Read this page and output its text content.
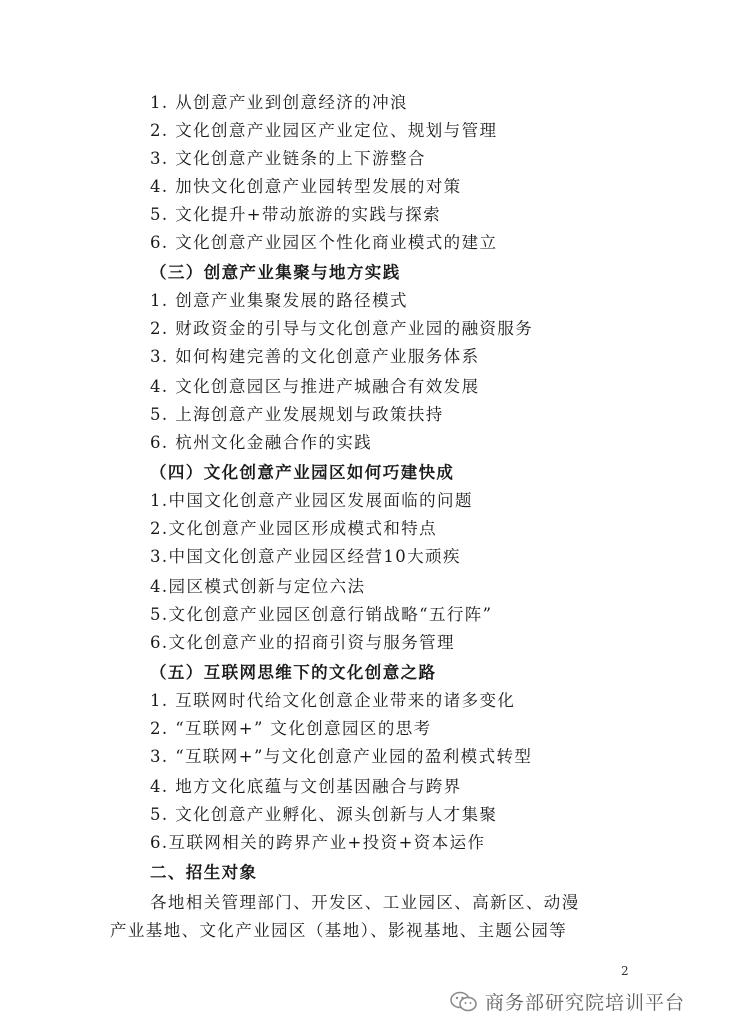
1. 从创意产业到创意经济的冲浪
2. 文化创意产业园区产业定位、规划与管理
3. 文化创意产业链条的上下游整合
4. 加快文化创意产业园转型发展的对策
5. 文化提升+带动旅游的实践与探索
6. 文化创意产业园区个性化商业模式的建立
（三）创意产业集聚与地方实践
1. 创意产业集聚发展的路径模式
2. 财政资金的引导与文化创意产业园的融资服务
3. 如何构建完善的文化创意产业服务体系
4. 文化创意园区与推进产城融合有效发展
5. 上海创意产业发展规划与政策扶持
6. 杭州文化金融合作的实践
（四）文化创意产业园区如何巧建快成
1.中国文化创意产业园区发展面临的问题
2.文化创意产业园区形成模式和特点
3.中国文化创意产业园区经营10大顽疾
4.园区模式创新与定位六法
5.文化创意产业园区创意行销战略“五行阵”
6.文化创意产业的招商引资与服务管理
（五）互联网思维下的文化创意之路
1. 互联网时代给文化创意企业带来的诸多变化
2. “互联网+” 文化创意园区的思考
3. “互联网+”与文化创意产业园的盈利模式转型
4. 地方文化底蕴与文创基因融合与跨界
5. 文化创意产业孵化、源头创新与人才集聚
6.互联网相关的跨界产业+投资+资本运作
二、招生对象
各地相关管理部门、开发区、工业园区、高新区、动漫
产业基地、文化产业园区（基地）、影视基地、主题公园等
2
商务部研究院培训平台
